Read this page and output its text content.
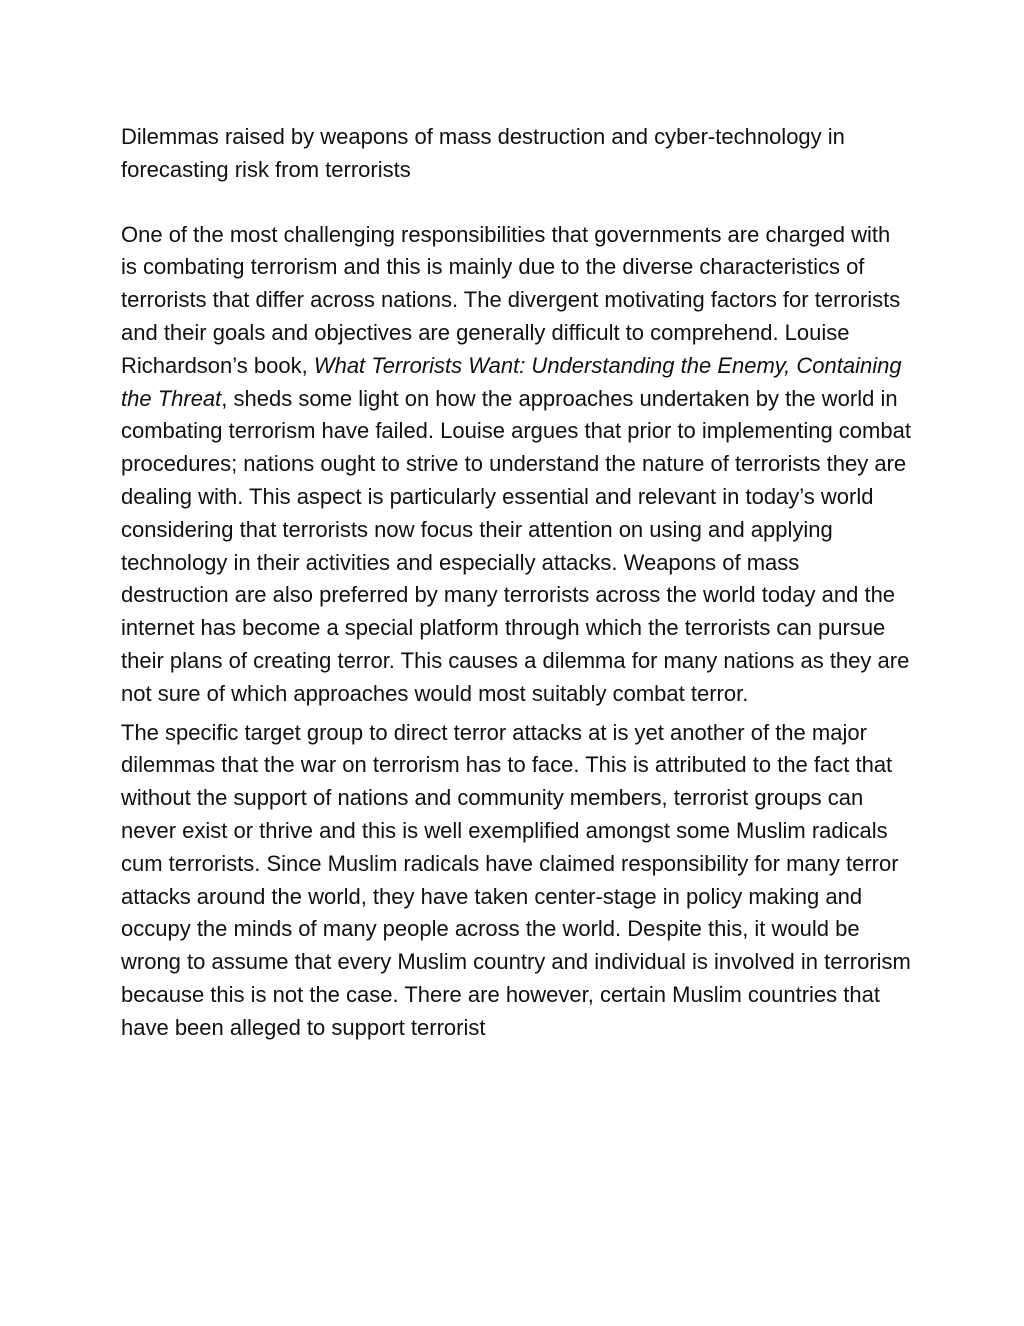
Dilemmas raised by weapons of mass destruction and cyber-technology in forecasting risk from terrorists

One of the most challenging responsibilities that governments are charged with is combating terrorism and this is mainly due to the diverse characteristics of terrorists that differ across nations. The divergent motivating factors for terrorists and their goals and objectives are generally difficult to comprehend. Louise Richardson’s book, What Terrorists Want: Understanding the Enemy, Containing the Threat, sheds some light on how the approaches undertaken by the world in combating terrorism have failed. Louise argues that prior to implementing combat procedures; nations ought to strive to understand the nature of terrorists they are dealing with. This aspect is particularly essential and relevant in today’s world considering that terrorists now focus their attention on using and applying technology in their activities and especially attacks. Weapons of mass destruction are also preferred by many terrorists across the world today and the internet has become a special platform through which the terrorists can pursue their plans of creating terror. This causes a dilemma for many nations as they are not sure of which approaches would most suitably combat terror.

The specific target group to direct terror attacks at is yet another of the major dilemmas that the war on terrorism has to face. This is attributed to the fact that without the support of nations and community members, terrorist groups can never exist or thrive and this is well exemplified amongst some Muslim radicals cum terrorists. Since Muslim radicals have claimed responsibility for many terror attacks around the world, they have taken center-stage in policy making and occupy the minds of many people across the world. Despite this, it would be wrong to assume that every Muslim country and individual is involved in terrorism because this is not the case. There are however, certain Muslim countries that have been alleged to support terrorist
